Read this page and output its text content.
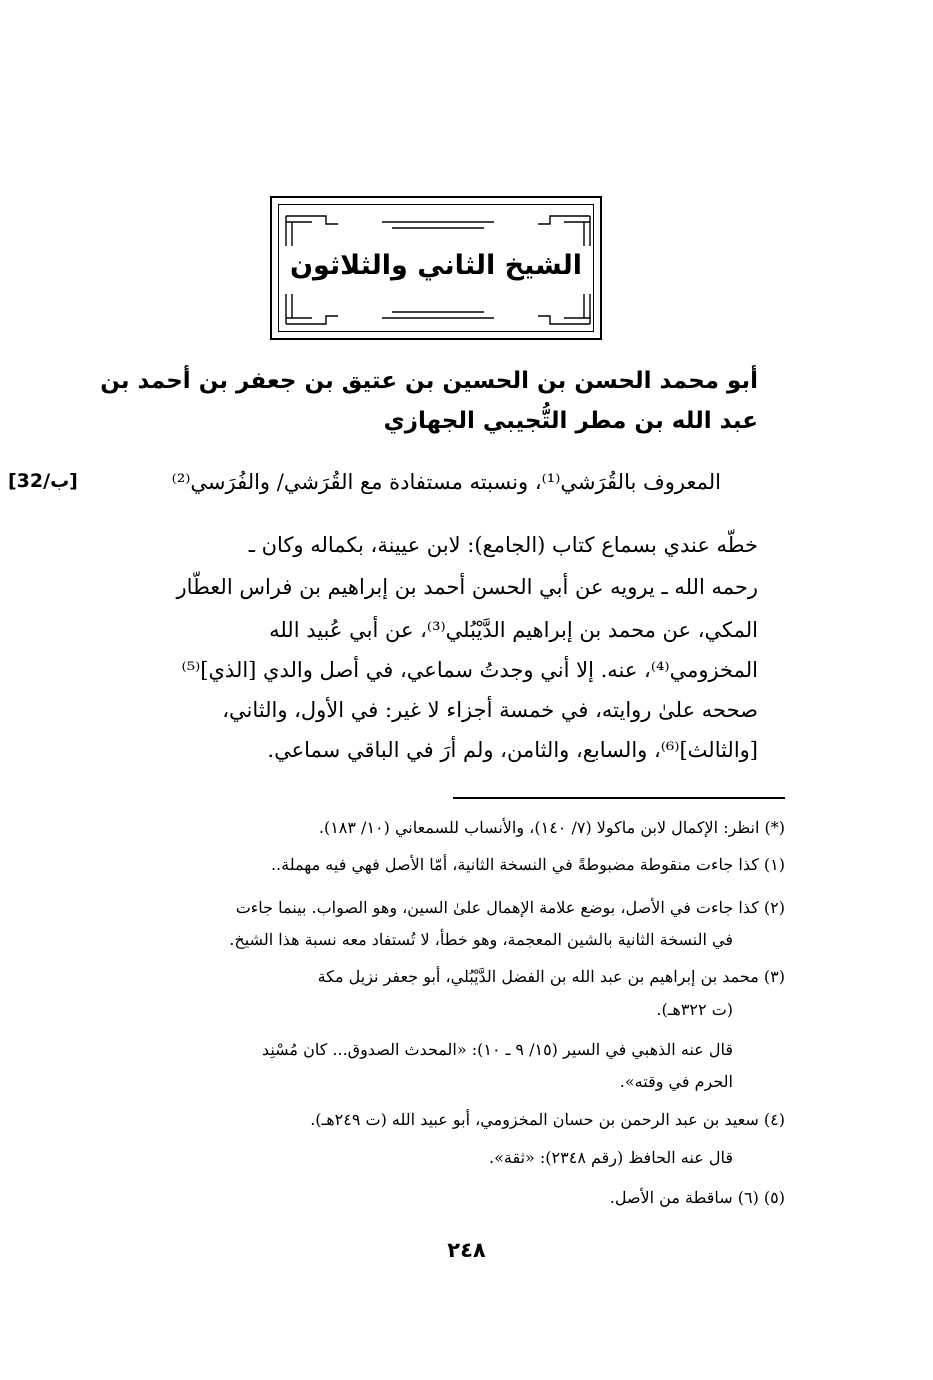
الشيخ الثاني والثلاثون
أبو محمد الحسن بن الحسين بن عتيق بن جعفر بن أحمد بن
عبد الله بن مطر التُّجيبي الجهازي
المعروف بالقُرَشي⁽¹⁾، ونسبته مستفادة مع القُرَشي/ والفُرَسي⁽²⁾
[32/ب]
خطّه عندي بسماع كتاب (الجامع): لابن عيينة، بكماله وكان ـ
رحمه الله ـ يرويه عن أبي الحسن أحمد بن إبراهيم بن فراس العطّار
المكي، عن محمد بن إبراهيم الدَّيْبُلي⁽³⁾، عن أبي عُبيد الله
المخزومي⁽⁴⁾، عنه. إلا أني وجدتُ سماعي، في أصل والدي [الذي]⁽⁵⁾
صححه علىٰ روايته، في خمسة أجزاء لا غير: في الأول، والثاني،
[والثالث]⁽⁶⁾، والسابع، والثامن، ولم أرَ في الباقي سماعي.
(*) انظر: الإكمال لابن ماكولا (٧/ ١٤٠)، والأنساب للسمعاني (١٠/ ١٨٣).
(١) كذا جاءت منقوطة مضبوطةً في النسخة الثانية، أمّا الأصل فهي فيه مهملة..
(٢) كذا جاءت في الأصل، بوضع علامة الإهمال علىٰ السين، وهو الصواب. بينما جاءت
في النسخة الثانية بالشين المعجمة، وهو خطأ، لا تُستفاد معه نسبة هذا الشيخ.
(٣) محمد بن إبراهيم بن عبد الله بن الفضل الدَّيْبُلي، أبو جعفر نزيل مكة
(ت ٣٢٢هـ).
قال عنه الذهبي في السير (١٥/ ٩ ـ ١٠): «المحدث الصدوق... كان مُسْنِد
الحرم في وقته».
(٤) سعيد بن عبد الرحمن بن حسان المخزومي، أبو عبيد الله (ت ٢٤٩هـ).
قال عنه الحافظ (رقم ٢٣٤٨): «ثقة».
(٥) (٦) ساقطة من الأصل.
٢٤٨
